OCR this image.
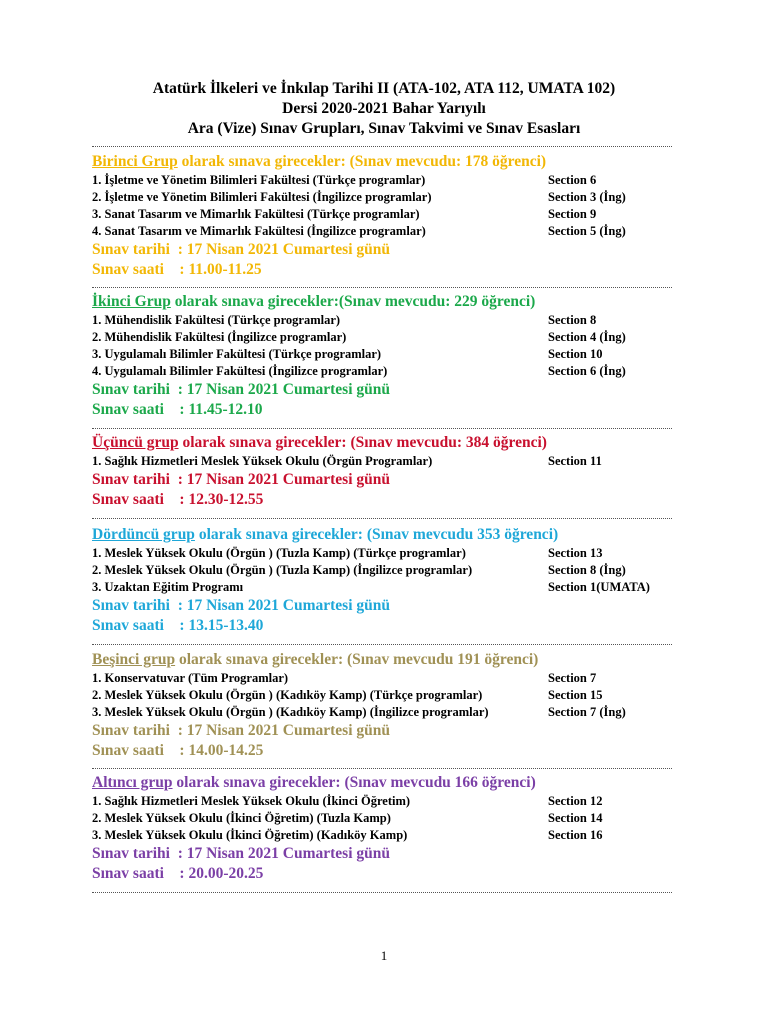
Atatürk İlkeleri ve İnkılap Tarihi II (ATA-102, ATA 112, UMATA 102)
Dersi 2020-2021 Bahar Yarıyılı
Ara (Vize) Sınav Grupları, Sınav Takvimi ve Sınav Esasları
Birinci Grup olarak sınava girecekler: (Sınav mevcudu: 178 öğrenci)
1. İşletme ve Yönetim Bilimleri Fakültesi (Türkçe programlar)	Section 6
2. İşletme ve Yönetim Bilimleri Fakültesi (İngilizce programlar)	Section 3 (İng)
3. Sanat Tasarım ve Mimarlık Fakültesi (Türkçe programlar)	Section 9
4. Sanat Tasarım ve Mimarlık Fakültesi (İngilizce programlar)	Section 5 (İng)
Sınav tarihi  : 17 Nisan 2021 Cumartesi günü
Sınav saati    : 11.00-11.25
İkinci Grup olarak sınava girecekler:(Sınav mevcudu: 229 öğrenci)
1. Mühendislik Fakültesi (Türkçe programlar)	Section 8
2. Mühendislik Fakültesi (İngilizce programlar)	Section 4 (İng)
3. Uygulamalı Bilimler Fakültesi (Türkçe programlar)	Section 10
4. Uygulamalı Bilimler Fakültesi (İngilizce programlar)	Section 6 (İng)
Sınav tarihi  : 17 Nisan 2021 Cumartesi günü
Sınav saati    : 11.45-12.10
Üçüncü grup olarak sınava girecekler: (Sınav mevcudu: 384 öğrenci)
1. Sağlık Hizmetleri Meslek Yüksek Okulu (Örgün Programlar)	Section 11
Sınav tarihi  : 17 Nisan 2021 Cumartesi günü
Sınav saati    : 12.30-12.55
Dördüncü grup olarak sınava girecekler: (Sınav mevcudu 353 öğrenci)
1. Meslek Yüksek Okulu (Örgün ) (Tuzla Kamp) (Türkçe programlar)	Section 13
2. Meslek Yüksek Okulu (Örgün ) (Tuzla Kamp) (İngilizce programlar)	Section 8 (İng)
3. Uzaktan Eğitim Programı	Section 1(UMATA)
Sınav tarihi  : 17 Nisan 2021 Cumartesi günü
Sınav saati    : 13.15-13.40
Beşinci grup olarak sınava girecekler: (Sınav mevcudu 191 öğrenci)
1. Konservatuvar (Tüm Programlar)	Section 7
2. Meslek Yüksek Okulu (Örgün ) (Kadıköy Kamp) (Türkçe programlar)	Section 15
3. Meslek Yüksek Okulu (Örgün ) (Kadıköy Kamp) (İngilizce programlar)	Section 7 (İng)
Sınav tarihi  : 17 Nisan 2021 Cumartesi günü
Sınav saati    : 14.00-14.25
Altıncı grup olarak sınava girecekler: (Sınav mevcudu 166 öğrenci)
1. Sağlık Hizmetleri Meslek Yüksek Okulu (İkinci Öğretim)	Section 12
2. Meslek Yüksek Okulu (İkinci Öğretim) (Tuzla Kamp)	Section 14
3. Meslek Yüksek Okulu (İkinci Öğretim) (Kadıköy Kamp)	Section 16
Sınav tarihi  : 17 Nisan 2021 Cumartesi günü
Sınav saati    : 20.00-20.25
1
